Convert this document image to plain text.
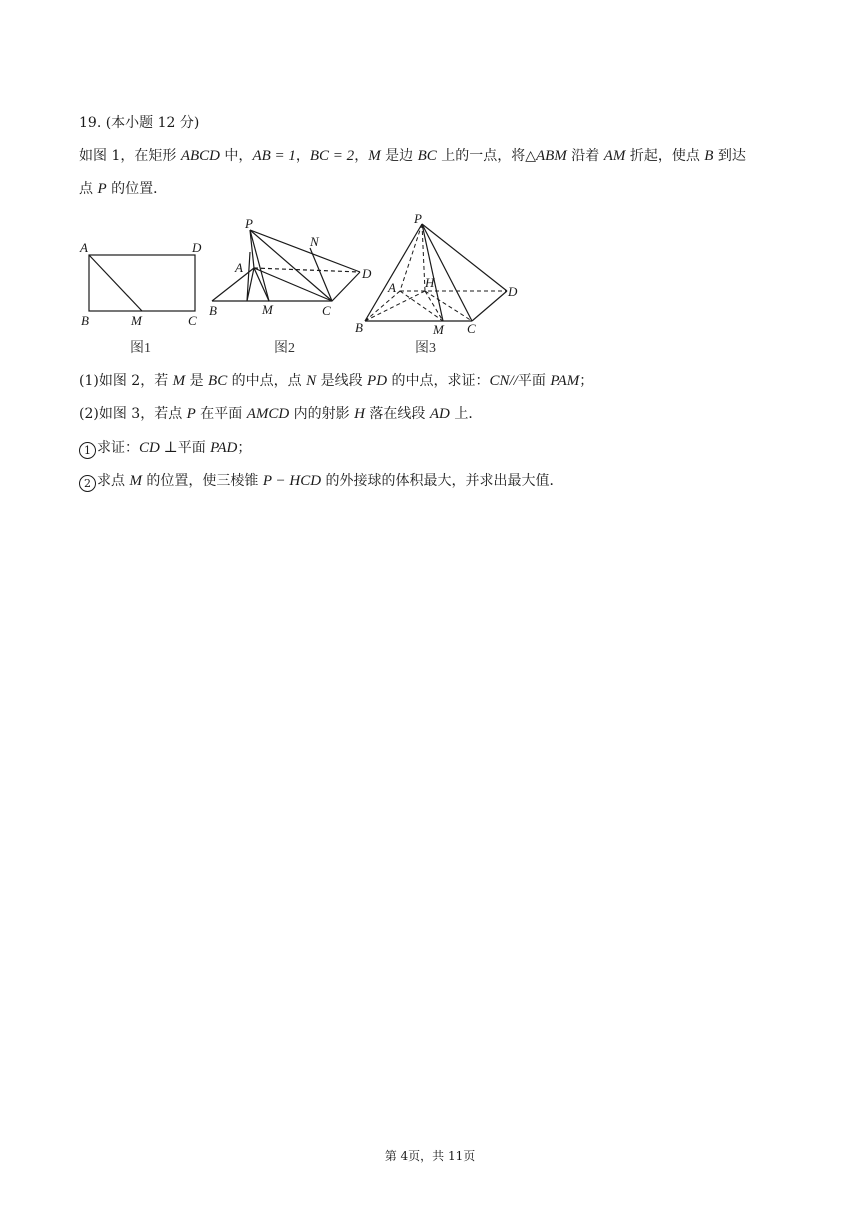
19. (本小题 12 分)
如图 1，在矩形 ABCD 中，AB = 1，BC = 2，M 是边 BC 上的一点，将△ABM 沿着 AM 折起，使点 B 到达
点 P 的位置．
A	D
B	M	C
图1
P
N
A	D
B	M	C
图2
P
A H
D
B	M C
图3
(1)如图 2，若 M 是 BC 的中点，点 N 是线段 PD 的中点，求证：CN//平面 PAM；
(2)如图 3，若点 P 在平面 AMCD 内的射影 H 落在线段 AD 上．
1 求证：CD ⊥平面 PAD；
2 求点 M 的位置，使三棱锥 P − HCD 的外接球的体积最大，并求出最大值．
第 4页，共 11页
